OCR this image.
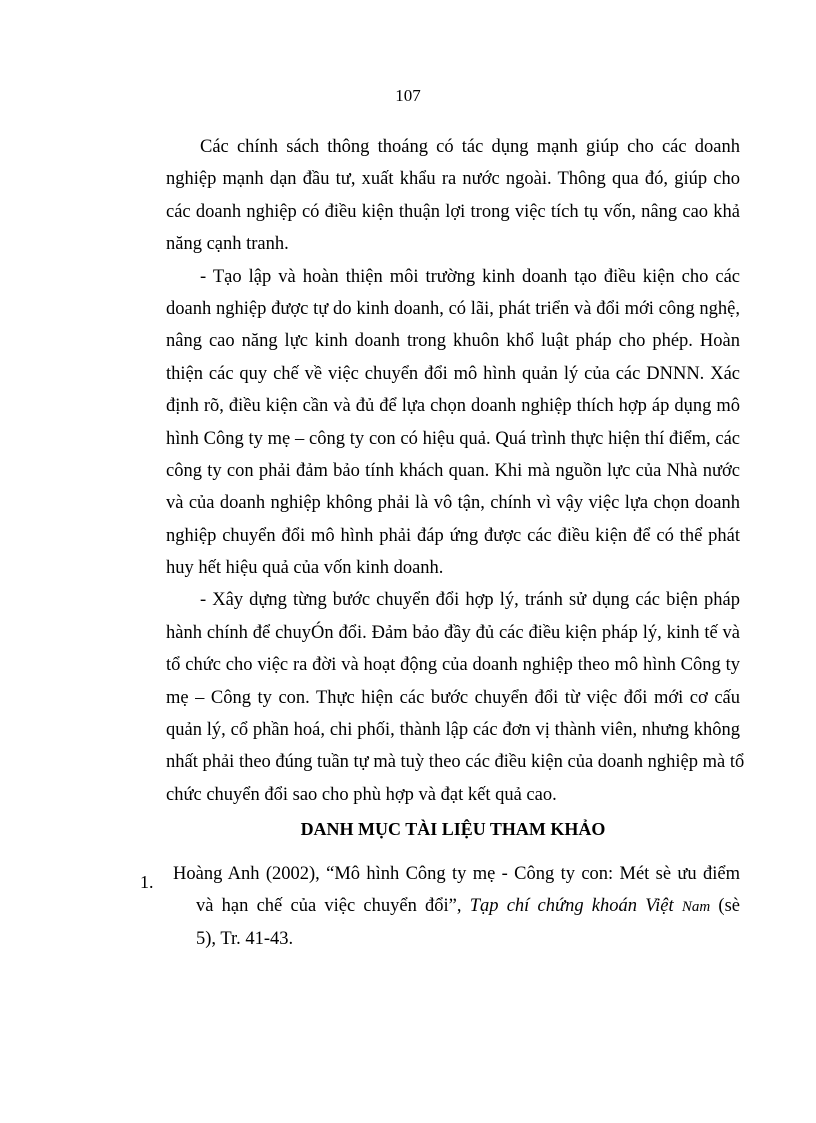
107
Các chính sách thông thoáng có tác dụng mạnh giúp cho các doanh
nghiệp mạnh dạn đầu tư, xuất khẩu ra nước ngoài. Thông qua đó, giúp cho
các doanh nghiệp có điều kiện thuận lợi trong việc tích tụ vốn, nâng cao khả
năng cạnh tranh.
- Tạo lập và hoàn thiện môi trường kinh doanh tạo điều kiện cho các
doanh nghiệp được tự do kinh doanh, có lãi, phát triển và đổi mới công nghệ,
nâng cao năng lực kinh doanh trong khuôn khổ luật pháp cho phép. Hoàn
thiện các quy chế về việc chuyển đổi mô hình quản lý của các DNNN. Xác
định rõ, điều kiện cần và đủ để lựa chọn doanh nghiệp thích hợp áp dụng mô
hình Công ty mẹ – công ty con có hiệu quả. Quá trình thực hiện thí điểm, các
công ty con phải đảm bảo tính khách quan. Khi mà nguồn lực của Nhà nước
và của doanh nghiệp không phải là vô tận, chính vì vậy việc lựa chọn doanh
nghiệp chuyển đổi mô hình phải đáp ứng được các điều kiện để có thể phát
huy hết hiệu quả của vốn kinh doanh.
- Xây dựng từng bước chuyển đổi hợp lý, tránh sử dụng các biện pháp
hành chính để chuyÓn đổi. Đảm bảo đầy đủ các điều kiện pháp lý, kinh tế và
tổ chức cho việc ra đời và hoạt động của doanh nghiệp theo mô hình Công ty
mẹ – Công ty con. Thực hiện các bước chuyển đổi từ việc đổi mới cơ cấu
quản lý, cổ phần hoá, chi phối, thành lập các đơn vị thành viên, nhưng không
nhất phải theo đúng tuần tự mà tuỳ theo các điều kiện của doanh nghiệp mà tổ
chức chuyển đổi sao cho phù hợp và đạt kết quả cao.
DANH MỤC TÀI LIỆU THAM KHẢO
1. Hoàng Anh (2002), “Mô hình Công ty mẹ - Công ty con: Mét sè ưu điểm
và hạn chế của việc chuyển đổi”, Tạp chí chứng khoán Việt Nam (sè
5), Tr. 41-43.
